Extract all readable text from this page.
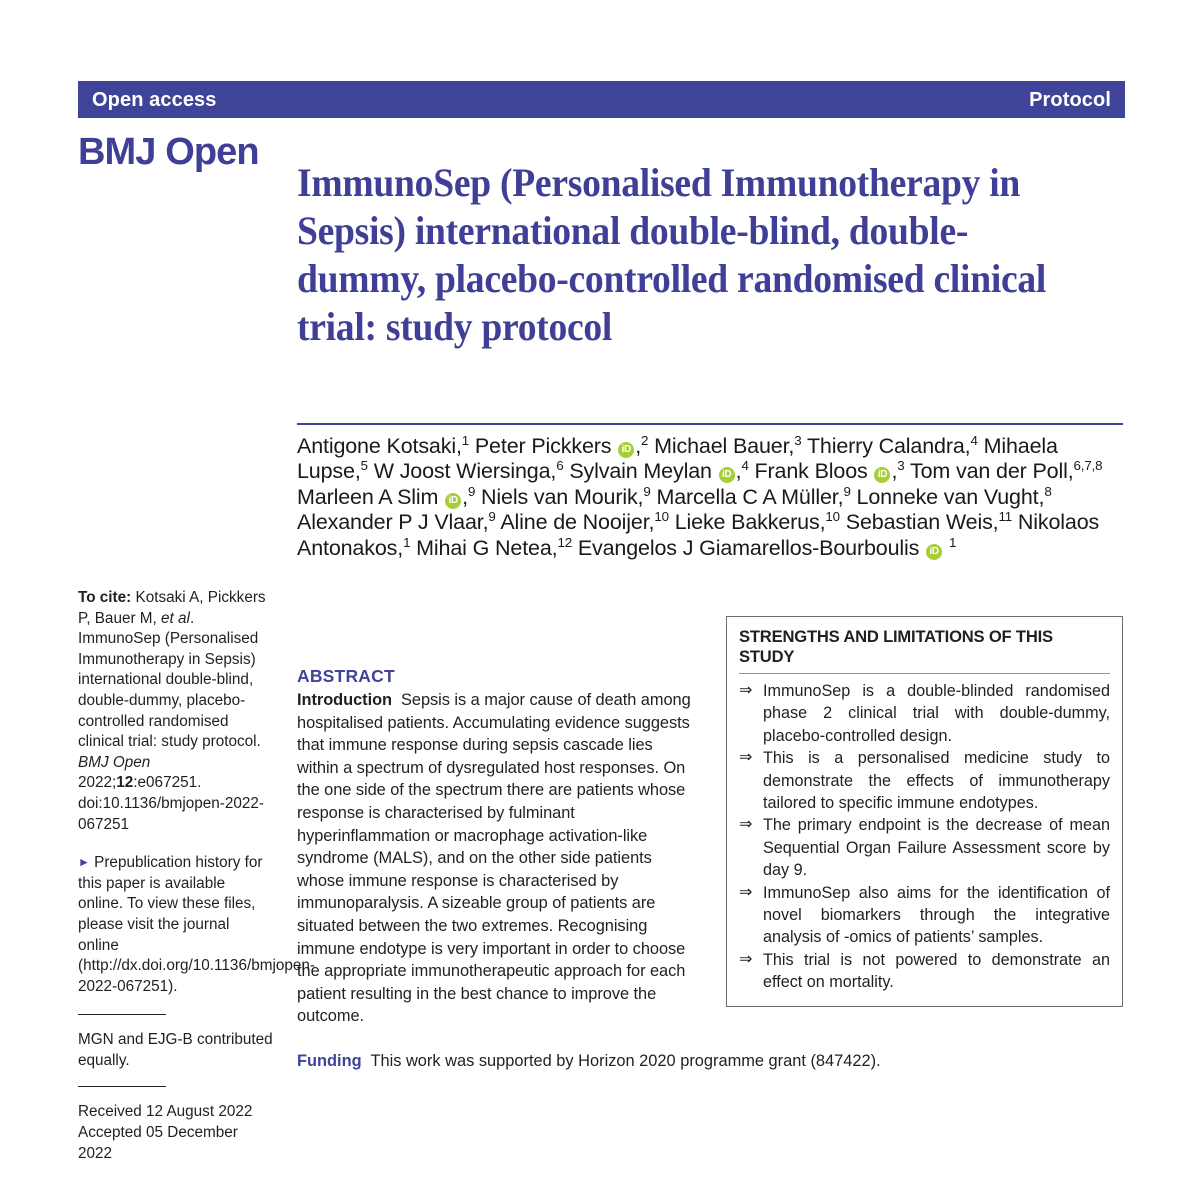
Open access	Protocol
BMJ Open
ImmunoSep (Personalised Immunotherapy in Sepsis) international double-blind, double-dummy, placebo-controlled randomised clinical trial: study protocol
Antigone Kotsaki,$^1$ Peter Pickkers iD ,$^2$ Michael Bauer,$^3$ Thierry Calandra,$^4$ Mihaela Lupse,$^5$ W Joost Wiersinga,$^6$ Sylvain Meylan iD ,$^4$ Frank Bloos iD ,$^3$ Tom van der Poll,$^{6,7,8}$ Marleen A Slim iD ,$^9$ Niels van Mourik,$^9$ Marcella C A Müller,$^9$ Lonneke van Vught,$^8$ Alexander P J Vlaar,$^9$ Aline de Nooijer,$^{10}$ Lieke Bakkerus,$^{10}$ Sebastian Weis,$^{11}$ Nikolaos Antonakos,$^1$ Mihai G Netea,$^{12}$ Evangelos J Giamarellos-Bourboulis iD $^1$
To cite: Kotsaki A, Pickkers P, Bauer M, et al. ImmunoSep (Personalised Immunotherapy in Sepsis) international double-blind, double-dummy, placebo-controlled randomised clinical trial: study protocol. BMJ Open 2022;12:e067251. doi:10.1136/bmjopen-2022-067251
► Prepublication history for this paper is available online. To view these files, please visit the journal online (http://dx.doi.org/10.1136/bmjopen-2022-067251).

MGN and EJG-B contributed equally.

Received 12 August 2022

Accepted 05 December 2022

ABSTRACT

Introduction Sepsis is a major cause of death among hospitalised patients. Accumulating evidence suggests that immune response during sepsis cascade lies within a spectrum of dysregulated host responses. On the one side of the spectrum there are patients whose response is characterised by fulminant hyperinflammation or macrophage activation-like syndrome (MALS), and on the other side patients whose immune response is characterised by immunoparalysis. A sizeable group of patients are situated between the two extremes. Recognising immune endotype is very important in order to choose the appropriate immunotherapeutic approach for each patient resulting in the best chance to improve the outcome.

STRENGTHS AND LIMITATIONS OF THIS STUDY
⇒ ImmunoSep is a double-blinded randomised phase 2 clinical trial with double-dummy, placebo-controlled design.
⇒ This is a personalised medicine study to demonstrate the effects of immunotherapy tailored to specific immune endotypes.
⇒ The primary endpoint is the decrease of mean Sequential Organ Failure Assessment score by day 9.
⇒ ImmunoSep also aims for the identification of novel biomarkers through the integrative analysis of -omics of patients’ samples.
⇒ This trial is not powered to demonstrate an effect on mortality.
Funding This work was supported by Horizon 2020 programme grant (847422).
